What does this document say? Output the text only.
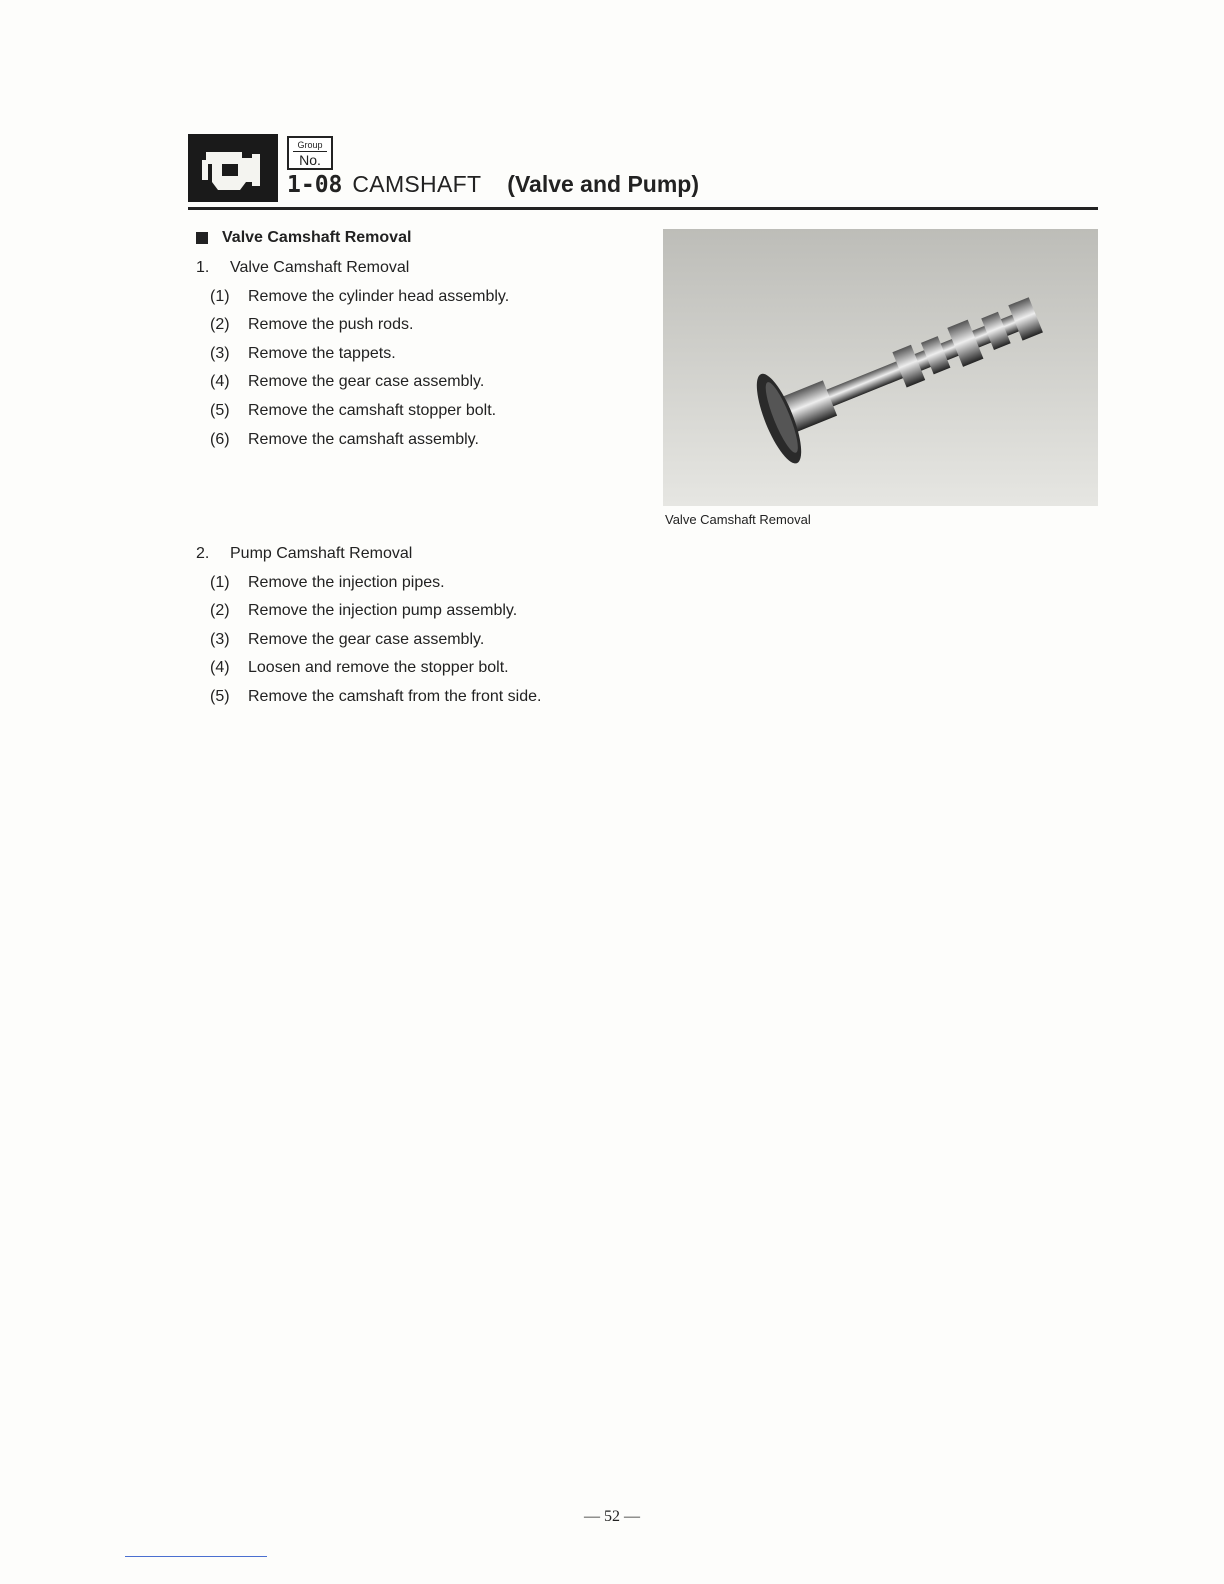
Group
No.
1-08 CAMSHAFT (Valve and Pump)
Valve Camshaft Removal
1.	Valve Camshaft Removal
(1)	Remove the cylinder head assembly.
(2)	Remove the push rods.
(3)	Remove the tappets.
(4)	Remove the gear case assembly.
(5)	Remove the camshaft stopper bolt.
(6)	Remove the camshaft assembly.
Valve Camshaft Removal
2.	Pump Camshaft Removal
(1)	Remove the injection pipes.
(2)	Remove the injection pump assembly.
(3)	Remove the gear case assembly.
(4)	Loosen and remove the stopper bolt.
(5)	Remove the camshaft from the front side.
— 52 —
